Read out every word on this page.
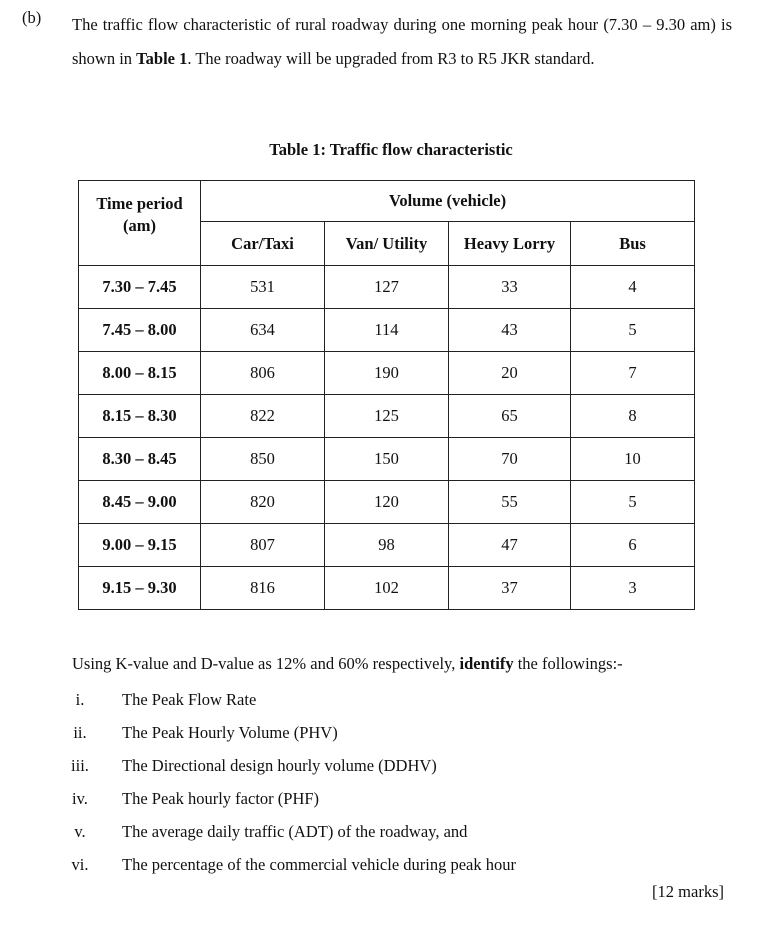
(b) The traffic flow characteristic of rural roadway during one morning peak hour (7.30 – 9.30 am) is shown in Table 1. The roadway will be upgraded from R3 to R5 JKR standard.

Table 1: Traffic flow characteristic
Time period (am)	Volume (vehicle)			
	Car/Taxi	Van/ Utility	Heavy Lorry	Bus
7.30 – 7.45	531	127	33	4
7.45 – 8.00	634	114	43	5
8.00 – 8.15	806	190	20	7
8.15 – 8.30	822	125	65	8
8.30 – 8.45	850	150	70	10
8.45 – 9.00	820	120	55	5
9.00 – 9.15	807	98	47	6
9.15 – 9.30	816	102	37	3
Using K-value and D-value as 12% and 60% respectively, identify the followings:-
i. The Peak Flow Rate
ii. The Peak Hourly Volume (PHV)
iii. The Directional design hourly volume (DDHV)
iv. The Peak hourly factor (PHF)
v. The average daily traffic (ADT) of the roadway, and
vi. The percentage of the commercial vehicle during peak hour
[12 marks]
